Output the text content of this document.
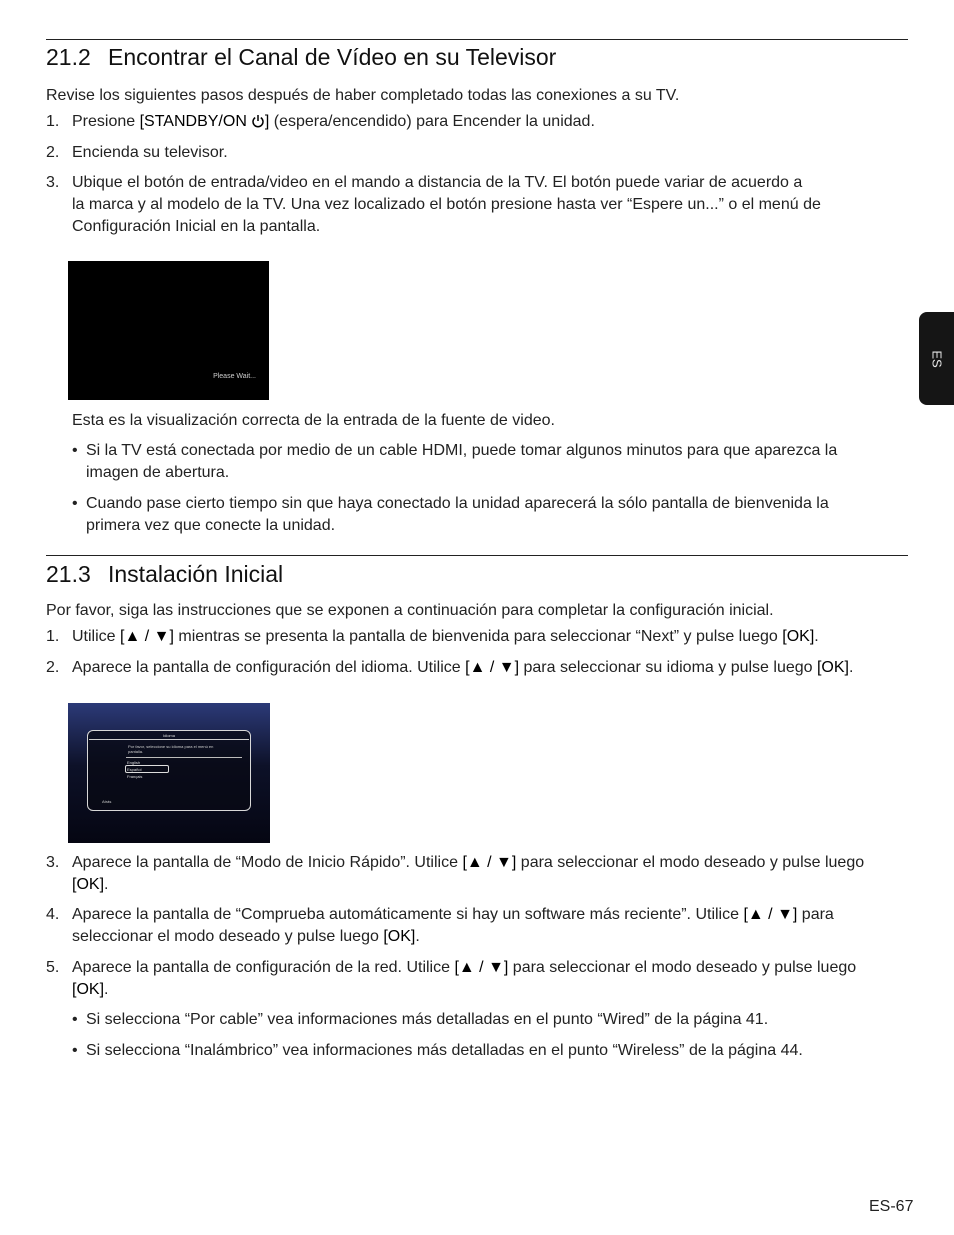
21.2 Encontrar el Canal de Vídeo en su Televisor
Revise los siguientes pasos después de haber completado todas las conexiones a su TV.
1. Presione [STANDBY/ON ] (espera/encendido) para Encender la unidad.
2. Encienda su televisor.
3. Ubique el botón de entrada/video en el mando a distancia de la TV. El botón puede variar de acuerdo a
la marca y al modelo de la TV. Una vez localizado el botón presione hasta ver “Espere un...” o el menú de
Configuración Inicial en la pantalla.
Please Wait...
Esta es la visualización correcta de la entrada de la fuente de video.
• Si la TV está conectada por medio de un cable HDMI, puede tomar algunos minutos para que aparezca la
imagen de abertura.
• Cuando pase cierto tiempo sin que haya conectado la unidad aparecerá la sólo pantalla de bienvenida la
primera vez que conecte la unidad.
21.3 Instalación Inicial
Por favor, siga las instrucciones que se exponen a continuación para completar la configuración inicial.
1. Utilice [▲ / ▼] mientras se presenta la pantalla de bienvenida para seleccionar “Next” y pulse luego [OK].
2. Aparece la pantalla de configuración del idioma. Utilice [▲ / ▼] para seleccionar su idioma y pulse luego [OK].
Idioma
Por favor, seleccione su idioma para el menú en pantalla.
English
Español
Français
Atrás
3. Aparece la pantalla de “Modo de Inicio Rápido”. Utilice [▲ / ▼] para seleccionar el modo deseado y pulse luego
[OK].
4. Aparece la pantalla de “Comprueba automáticamente si hay un software más reciente”. Utilice [▲ / ▼] para
seleccionar el modo deseado y pulse luego [OK].
5. Aparece la pantalla de configuración de la red. Utilice [▲ / ▼] para seleccionar el modo deseado y pulse luego
[OK].
• Si selecciona “Por cable” vea informaciones más detalladas en el punto “Wired” de la página 41.
• Si selecciona “Inalámbrico” vea informaciones más detalladas en el punto “Wireless” de la página 44.
ES
ES-67
